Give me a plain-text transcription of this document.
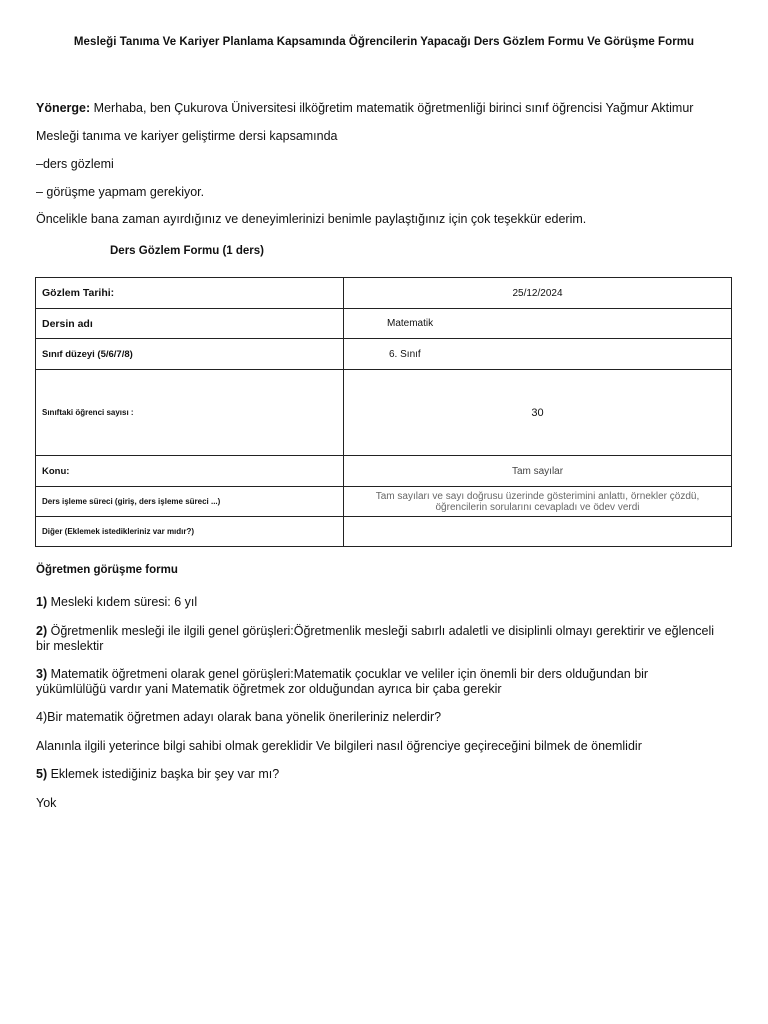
Mesleği Tanıma Ve Kariyer Planlama Kapsamında Öğrencilerin Yapacağı Ders Gözlem Formu Ve Görüşme Formu
Yönerge: Merhaba, ben Çukurova Üniversitesi ilköğretim matematik öğretmenliği birinci sınıf öğrencisi Yağmur Aktimur
Mesleği tanıma ve kariyer geliştirme dersi kapsamında
–ders gözlemi
– görüşme yapmam gerekiyor.
Öncelikle bana zaman ayırdığınız ve deneyimlerinizi benimle paylaştığınız için çok teşekkür ederim.
Ders Gözlem Formu (1 ders)
Gözlem Tarihi:	25/12/2024
Dersin adı	Matematik
Sınıf düzeyi (5/6/7/8)	6. Sınıf
Sınıftaki öğrenci sayısı :	30
Konu:	Tam sayılar
Ders işleme süreci (giriş, ders işleme süreci ...)	Tam sayıları ve sayı doğrusu üzerinde gösterimini anlattı, örnekler çözdü, öğrencilerin sorularını cevapladı ve ödev verdi
Diğer (Eklemek istedikleriniz var mıdır?)	
Öğretmen görüşme formu
1) Mesleki kıdem süresi: 6 yıl
2) Öğretmenlik mesleği ile ilgili genel görüşleri:Öğretmenlik mesleği sabırlı adaletli ve disiplinli olmayı gerektirir ve eğlenceli bir meslektir
3) Matematik öğretmeni olarak genel görüşleri:Matematik çocuklar ve veliler için önemli bir ders olduğundan bir yükümlülüğü vardır yani Matematik öğretmek zor olduğundan ayrıca bir çaba gerekir
4)Bir matematik öğretmen adayı olarak bana yönelik önerileriniz nelerdir?
Alanınla ilgili yeterince bilgi sahibi olmak gereklidir Ve bilgileri nasıl öğrenciye geçireceğini bilmek de önemlidir
5) Eklemek istediğiniz başka bir şey var mı?
Yok
